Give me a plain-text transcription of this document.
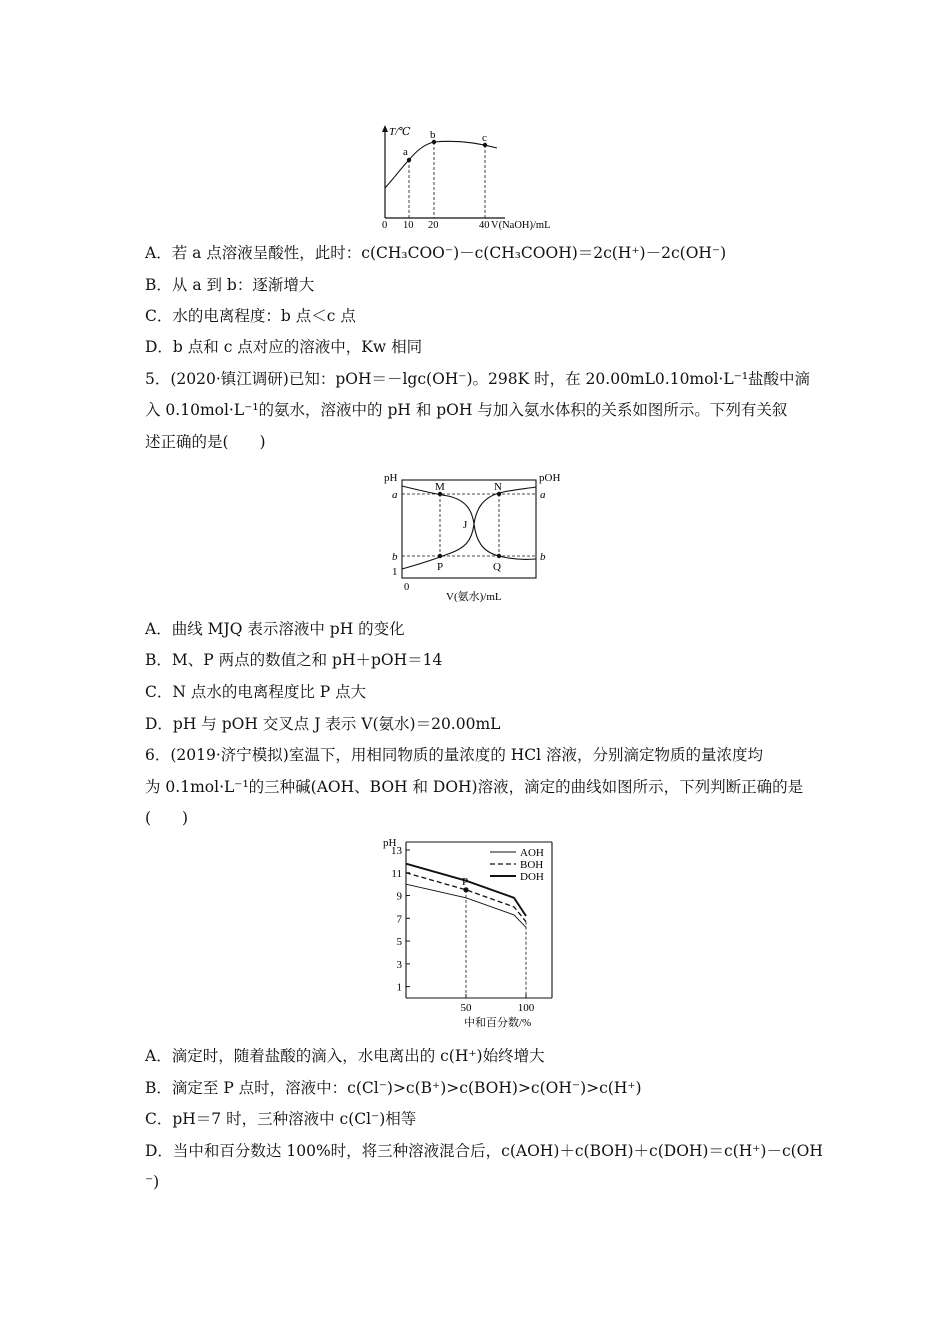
T/℃
a
b	c
0 10 20	40 V(NaOH)/mL
A．若 a 点溶液呈酸性，此时：c(CH₃COO⁻)－c(CH₃COOH)＝2c(H⁺)－2c(OH⁻)
B．从 a 到 b：逐渐增大
C．水的电离程度：b 点＜c 点
D．b 点和 c 点对应的溶液中，Kw 相同
5．(2020·镇江调研)已知：pOH＝－lgc(OH⁻)。298K 时，在 20.00mL0.10mol·L⁻¹盐酸中滴
入 0.10mol·L⁻¹的氨水，溶液中的 pH 和 pOH 与加入氨水体积的关系如图所示。下列有关叙
述正确的是(　　)
pH	pOH
a	a
b	b
1
0
M	N
J
P	Q
V(氨水)/mL
A．曲线 MJQ 表示溶液中 pH 的变化
B．M、P 两点的数值之和 pH＋pOH＝14
C．N 点水的电离程度比 P 点大
D．pH 与 pOH 交叉点 J 表示 V(氨水)＝20.00mL
6．(2019·济宁模拟)室温下，用相同物质的量浓度的 HCl 溶液，分别滴定物质的量浓度均
为 0.1mol·L⁻¹的三种碱(AOH、BOH 和 DOH)溶液，滴定的曲线如图所示，下列判断正确的是
(　　)
pH
中和百分数/%
1
3
5
7
9
11
13
50	100
P
AOH
BOH
DOH
A．滴定时，随着盐酸的滴入，水电离出的 c(H⁺)始终增大
B．滴定至 P 点时，溶液中：c(Cl⁻)>c(B⁺)>c(BOH)>c(OH⁻)>c(H⁺)
C．pH＝7 时，三种溶液中 c(Cl⁻)相等
D．当中和百分数达 100%时，将三种溶液混合后，c(AOH)＋c(BOH)＋c(DOH)＝c(H⁺)－c(OH
⁻)
